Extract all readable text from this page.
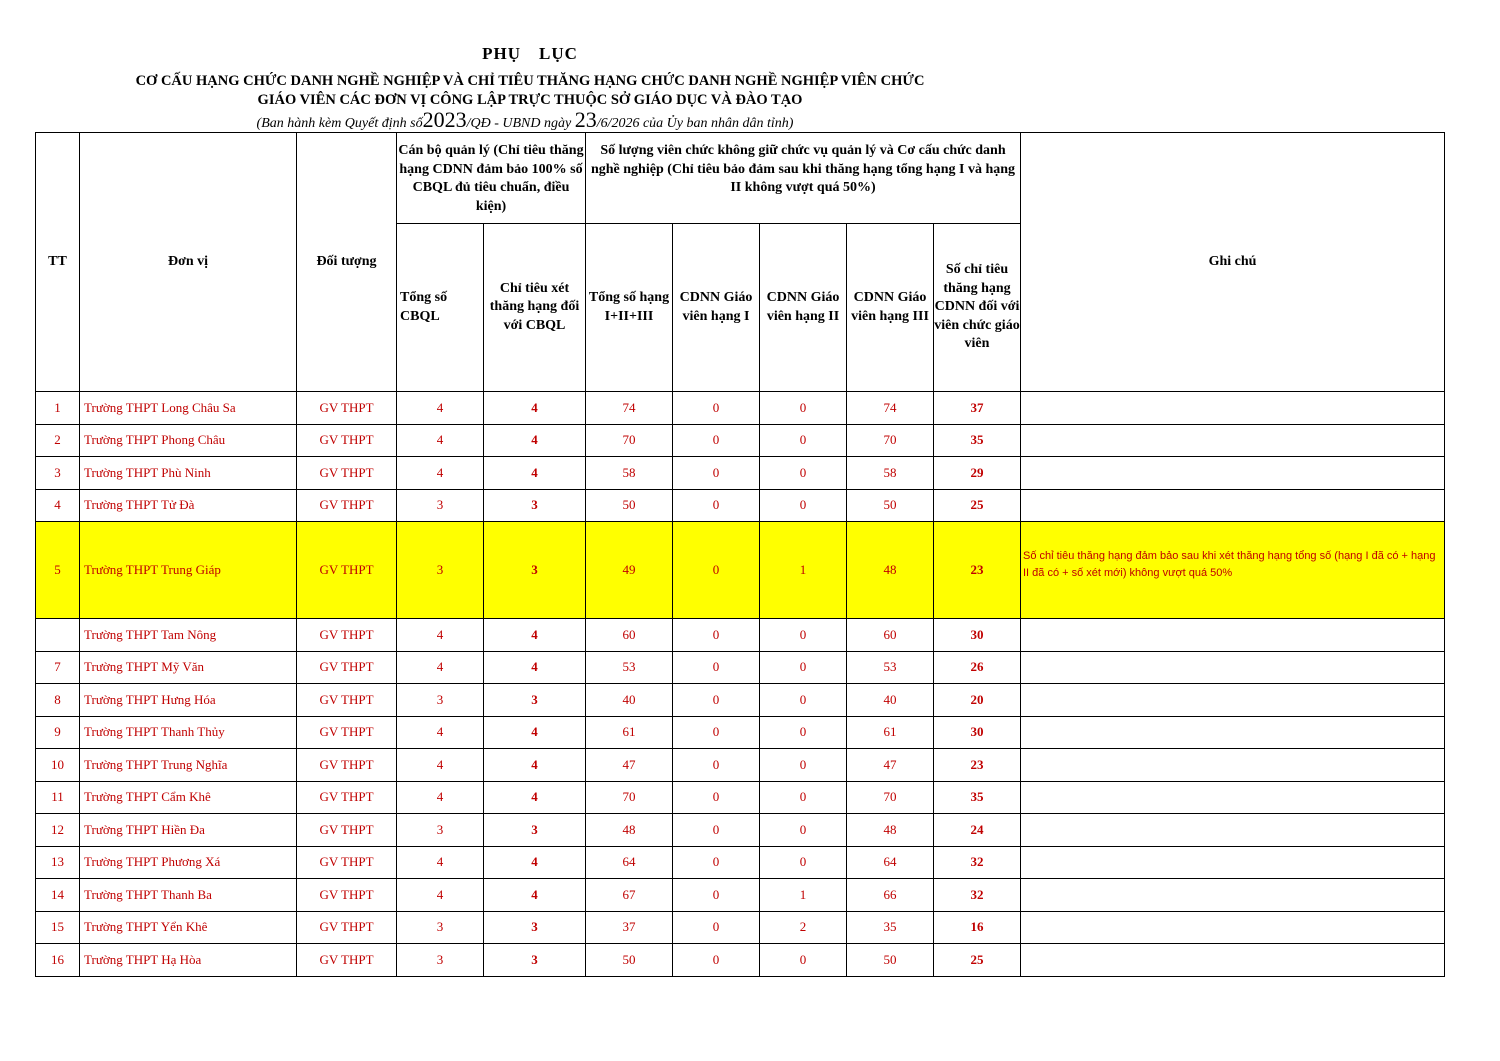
PHỤ LỤC
CƠ CẤU HẠNG CHỨC DANH NGHỀ NGHIỆP VÀ CHỈ TIÊU THĂNG HẠNG CHỨC DANH NGHỀ NGHIỆP VIÊN CHỨC
GIÁO VIÊN CÁC ĐƠN VỊ CÔNG LẬP TRỰC THUỘC SỞ GIÁO DỤC VÀ ĐÀO TẠO
(Ban hành kèm Quyết định số2023/QĐ - UBND ngày 23/6/2026 của Ủy ban nhân dân tỉnh)
TT	Đơn vị	Đối tượng	Cán bộ quản lý (Chỉ tiêu thăng hạng CDNN đảm bảo 100% số CBQL đủ tiêu chuẩn, điều kiện)		Số lượng viên chức không giữ chức vụ quản lý và Cơ cấu chức danh nghề nghiệp (Chỉ tiêu bảo đảm sau khi thăng hạng tổng hạng I và hạng II không vượt quá 50%)					Ghi chú
			Tổng số CBQL	Chỉ tiêu xét thăng hạng đối với CBQL	Tổng số hạng I+II+III	CDNN Giáo viên hạng I	CDNN Giáo viên hạng II	CDNN Giáo viên hạng III	Số chỉ tiêu thăng hạng CDNN đối với viên chức giáo viên	
1	Trường THPT Long Châu Sa	GV THPT	4	4	74	0	0	74	37	
2	Trường THPT Phong Châu	GV THPT	4	4	70	0	0	70	35	
3	Trường THPT Phù Ninh	GV THPT	4	4	58	0	0	58	29	
4	Trường THPT Tử Đà	GV THPT	3	3	50	0	0	50	25	
5	Trường THPT Trung Giáp	GV THPT	3	3	49	0	1	48	23	Số chỉ tiêu thăng hạng đảm bảo sau khi xét thăng hạng tổng số (hạng I đã có + hạng II đã có + số xét mới) không vượt quá 50%
	Trường THPT Tam Nông	GV THPT	4	4	60	0	0	60	30	
7	Trường THPT Mỹ Văn	GV THPT	4	4	53	0	0	53	26	
8	Trường THPT Hưng Hóa	GV THPT	3	3	40	0	0	40	20	
9	Trường THPT Thanh Thủy	GV THPT	4	4	61	0	0	61	30	
10	Trường THPT Trung Nghĩa	GV THPT	4	4	47	0	0	47	23	
11	Trường THPT Cẩm Khê	GV THPT	4	4	70	0	0	70	35	
12	Trường THPT Hiền Đa	GV THPT	3	3	48	0	0	48	24	
13	Trường THPT Phương Xá	GV THPT	4	4	64	0	0	64	32	
14	Trường THPT Thanh Ba	GV THPT	4	4	67	0	1	66	32	
15	Trường THPT Yển Khê	GV THPT	3	3	37	0	2	35	16	
16	Trường THPT Hạ Hòa	GV THPT	3	3	50	0	0	50	25	
